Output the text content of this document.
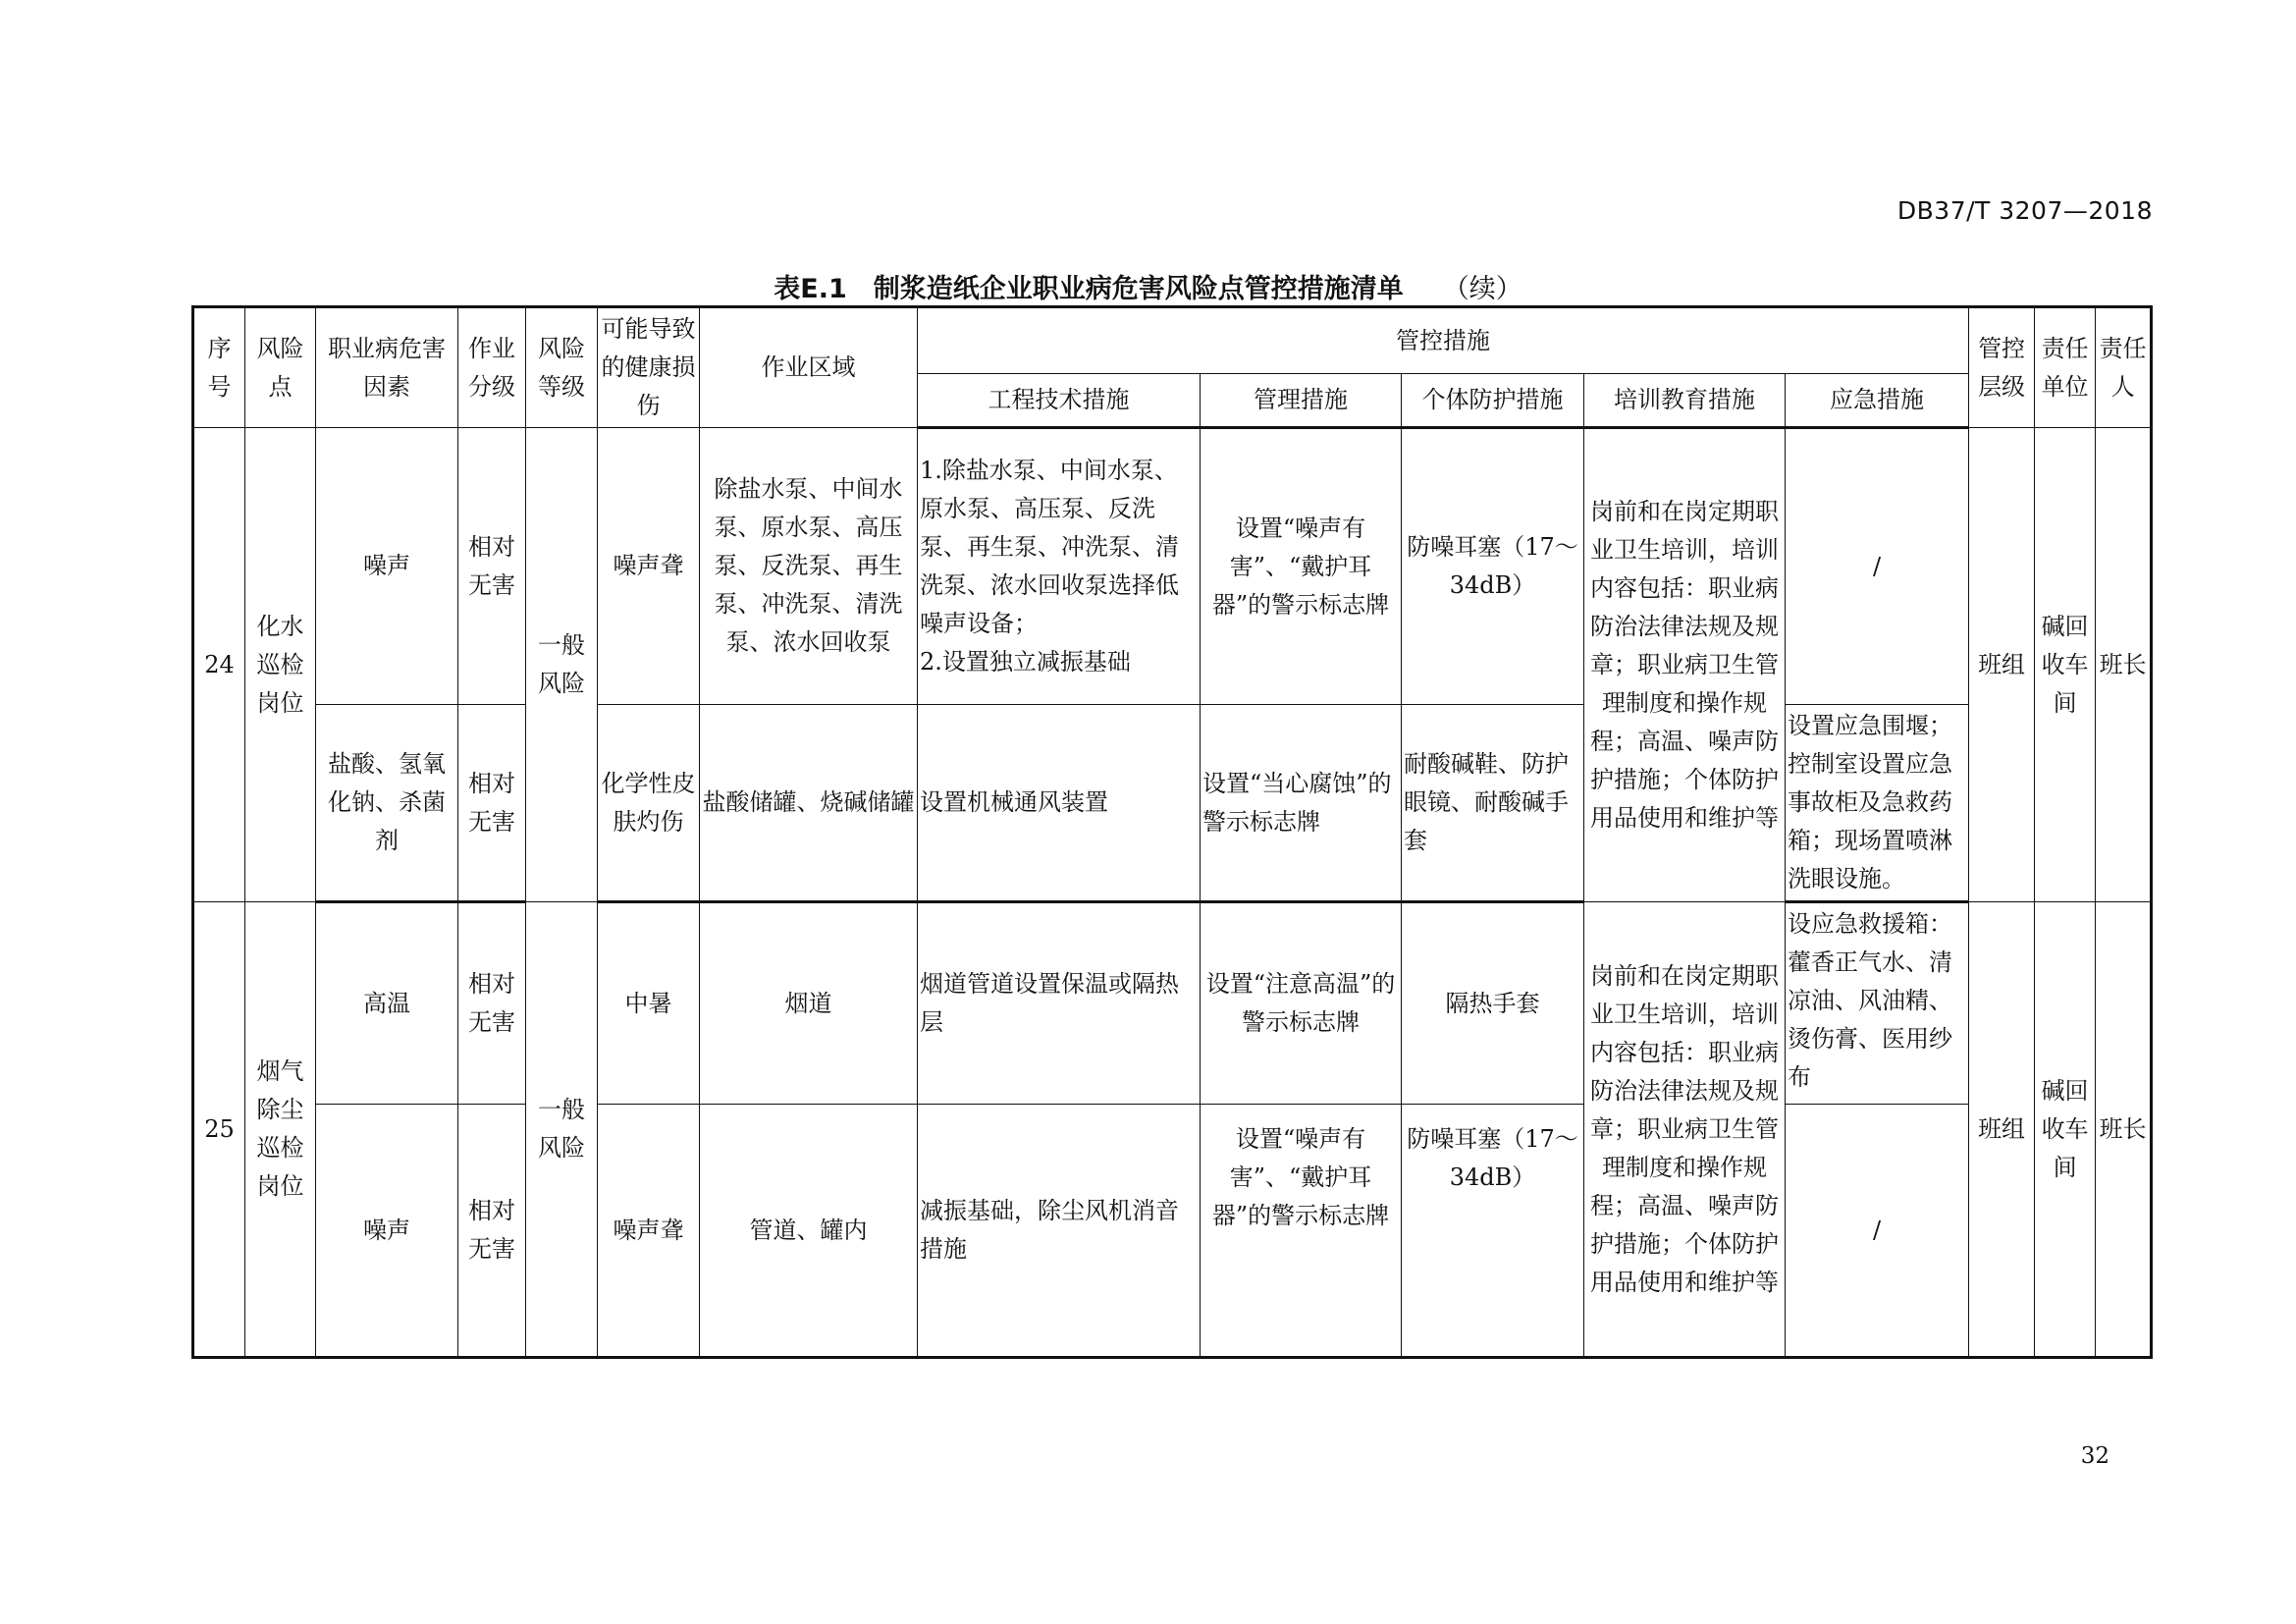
DB37/T 3207—2018
表E.1　制浆造纸企业职业病危害风险点管控措施清单 （续）
序号	风险点	职业病危害因素	作业分级	风险等级	可能导致的健康损伤	作业区域	管控措施					管控层级	责任单位	责任人
							工程技术措施	管理措施	个体防护措施	培训教育措施	应急措施			
24	化水巡检岗位	噪声	相对无害	一般风险	噪声聋	除盐水泵、中间水泵、原水泵、高压泵、反洗泵、再生泵、冲洗泵、清洗泵、浓水回收泵	1.除盐水泵、中间水泵、原水泵、高压泵、反洗泵、再生泵、冲洗泵、清洗泵、浓水回收泵选择低噪声设备；
2.设置独立减振基础	设置“噪声有害”、“戴护耳器”的警示标志牌	防噪耳塞（17～34dB）	岗前和在岗定期职业卫生培训，培训内容包括：职业病防治法律法规及规章；职业病卫生管理制度和操作规程；高温、噪声防护措施；个体防护用品使用和维护等	/	班组	碱回收车间	班长
		盐酸、氢氧化钠、杀菌剂	相对无害		化学性皮肤灼伤	盐酸储罐、烧碱储罐	设置机械通风装置	设置“当心腐蚀”的警示标志牌	耐酸碱鞋、防护眼镜、耐酸碱手套		设置应急围堰；控制室设置应急事故柜及急救药箱；现场置喷淋洗眼设施。			
25	烟气除尘巡检岗位	高温	相对无害	一般风险	中暑	烟道	烟道管道设置保温或隔热层	设置“注意高温”的警示标志牌	隔热手套	岗前和在岗定期职业卫生培训，培训内容包括：职业病防治法律法规及规章；职业病卫生管理制度和操作规程；高温、噪声防护措施；个体防护用品使用和维护等	设应急救援箱：藿香正气水、清凉油、风油精、烫伤膏、医用纱布	班组	碱回收车间	班长
		噪声	相对无害		噪声聋	管道、罐内	减振基础，除尘风机消音措施	设置“噪声有害”、“戴护耳器”的警示标志牌	防噪耳塞（17～34dB）		/			
32
